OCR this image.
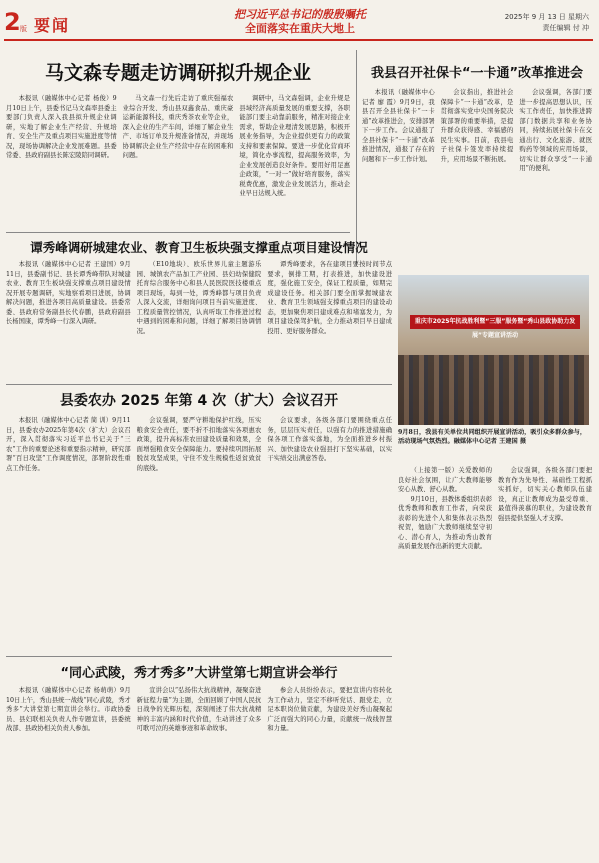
2 版 要闻
把习近平总书记的殷殷嘱托
全面落实在重庆大地上
2025年 9 月 13 日 星期六
责任编辑 付 冲
马文森专题走访调研拟升规企业

本报讯（融媒体中心记者 杨俊）9月10日上午，县委书记马文森率县委主要部门负责人深入我县拟升规企业调研，实地了解企业生产经营、升规培育、安全生产及重点项目实施进度等情况，现场协调解决企业发展难题。县委常委、县政府副县长陈宏陵陪同调研。

马文森一行先后走访了重庆强福农业综合开发、秀山县双鑫食品、重庆豪运新能源科技，重庆秀茶农业等企业，深入企业的生产车间，详细了解企业生产、市场订单及升规准备情况，并现场协调解决企业生产经营中存在的困难和问题。

调研中，马文森强调，企业升规是县域经济高质量发展的重要支撑，各职能部门要主动靠前服务，精准对接企业需求，帮助企业理清发展思路，积极开展业务指导，为企业提供更有力的政策支持和要素保障。要进一步优化营商环境，简化办事流程，提高服务效率，为企业发展创造良好条件。要用好用足惠企政策，“一对一”做好培育服务，落实税费优惠，激发企业发展活力，推动企业早日达规入统。

我县召开社保卡“一卡通”改革推进会

本报讯（融媒体中心记者 廖 霞）9月9日，我县召开全县社保卡“一卡通”改革推进会，安排部署下一步工作。会议通报了全县社保卡“一卡通”改革推进情况，通报了存在的问题和下一步工作计划。

会议指出，推进社会保障卡“一卡通”改革，是贯彻落实党中央国务院决策部署的重要举措，是提升群众获得感、幸福感的民生实事。目前，我县电子社保卡签发率持续提升，应用场景不断拓展。

会议强调，各部门要进一步提高思想认识，压实工作责任，加快推进跨部门数据共享和业务协同，持续拓展社保卡在交通出行、文化旅游、就医购药等领域的应用场景，切实让群众享受“一卡通用”的便利。

谭秀峰调研城建农业、教育卫生板块强支撑重点项目建设情况

本报讯（融媒体中心记者 王建国）9月11日，县委副书记、县长谭秀峰带队对城建农业、教育卫生板块强支撑重点项目建设情况开展专题调研，实地察看项目进展，协调解决问题，推进各项目高质量建设。县委常委、县政府常务副县长代春鹏，县政府副县长杨国康，谭秀峰一行深入调研。

（E10地块）、欧乐世界儿童主题游乐园、城镇农产品加工产业园、县妇幼保健院托育综合服务中心和县人民医院医技楼重点项目现场，每到一处，谭秀峰都与项目负责人深入交流，详细询问项目当前实施进度、工程质量管控情况，认真听取工作推进过程中遇到的困难和问题，详细了解项目协调情况。

谭秀峰要求，各在建项目要按时间节点要求，倒排工期，打表推进，加快建设进度，强化施工安全，保证工程质量，如期完成建设任务。相关部门要全面掌握城建农业、教育卫生领域强支撑重点项目的建设动态，更加聚焦项目建成难点和堵塞发力，为项目建设保驾护航，全力推动项目早日建成投用、更好服务群众。

重庆市2025年抗战胜利暨“三服”服务暨“秀山县政协助力发展”专题宣讲活动
9月8日，我县有关单位共同组织开展宣讲活动，吸引众多群众参与，活动现场气氛热烈。融媒体中心记者 王建国 摄
县委农办 2025 年第 4 次（扩大）会议召开

本报讯（融媒体中心记者 简 训）9月11日，县委农办2025年第4次（扩大）会议召开，深入贯彻落实习近平总书记关于“三农”工作的重要论述和重要指示精神，研究部署“百日攻坚”工作调度情况，部署阶段性重点工作任务。

会议强调，要严守耕地保护红线，压实粮食安全责任，要不折不扣地落实各项惠农政策，提升高标准农田建设质量和效果，全面增强粮食安全保障能力。要持续巩固拓展脱贫攻坚成果，守住不发生规模性返贫致贫的底线。

会议要求，各级各部门要围绕重点任务，层层压实责任，以强有力的推进措施确保各项工作落实落地，为全面推进乡村振兴、加快建设农业强县打下坚实基础，以实干实绩交出满意答卷。

（上接第一版）关爱教师的良好社会氛围，让广大教师能够安心从教、舒心从教。

9月10日，县教体委组织表彰优秀教师和教育工作者，向荣获表彰的先进个人和集体表示热烈祝贺，勉励广大教师继续坚守初心、潜心育人，为推动秀山教育高质量发展作出新的更大贡献。

会议强调，各级各部门要把教育作为先导性、基础性工程抓实抓好，切实关心教师队伍建设，真正让教师成为最受尊重、最值得羡慕的职业，为建设教育强县提供坚强人才支撑。

“同心武陵，秀才秀多”大讲堂第七期宣讲会举行

本报讯（融媒体中心记者 杨萌萌）9月10日上午，秀山县统一战线“同心武陵，秀才秀多”大讲堂第七期宣讲会举行。市政协委员、县妇联相关负责人作专题宣讲，县委统战部、县政协相关负责人参加。

宣讲会以“弘扬伟大抗战精神，凝聚奋进新征程力量”为主题，全面回顾了中国人民抗日战争的光辉历程，深刻阐述了伟大抗战精神的丰富内涵和时代价值，生动讲述了众多可歌可泣的英雄事迹和革命故事。

参会人员纷纷表示，要把宣讲内容转化为工作动力，坚定不移听党话、跟党走，立足本职岗位做贡献，为建设美好秀山凝聚起广泛而强大的同心力量，贡献统一战线智慧和力量。
